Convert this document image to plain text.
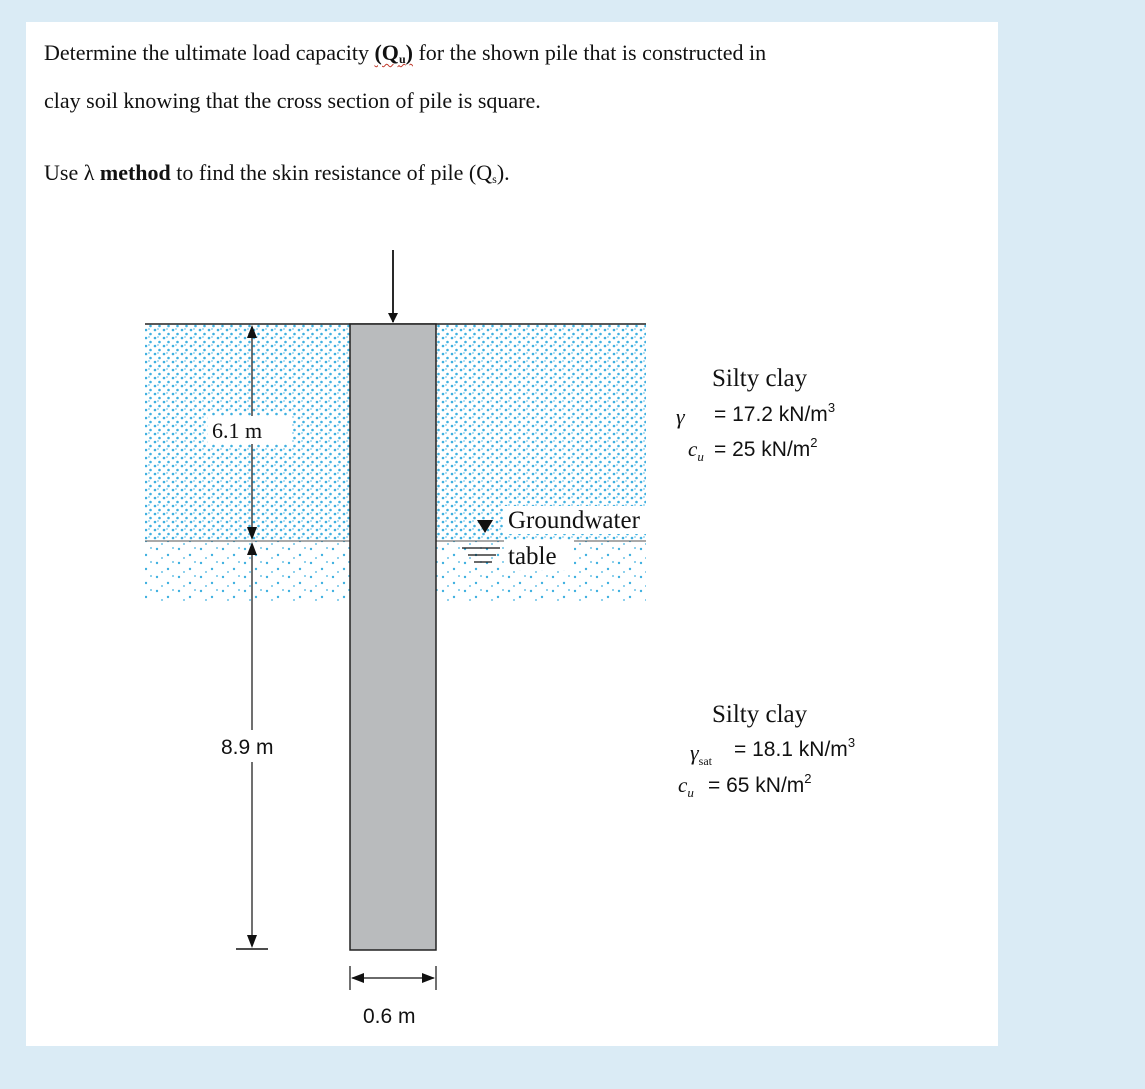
Determine the ultimate load capacity $(Q_u)$ for the shown pile that is constructed in
clay soil knowing that the cross section of pile is square.
Use λ method to find the skin resistance of pile $(Q_s)$.
6.1 m
8.9 m
0.6 m
Groundwater
table
Silty clay
γ = 17.2 $kN/m^3$
$c_u = 25$ $kN/m^2$
Silty clay
$\gamma_{sat} = 18.1$ $kN/m^3$
$c_u = 65$ $kN/m^2$
